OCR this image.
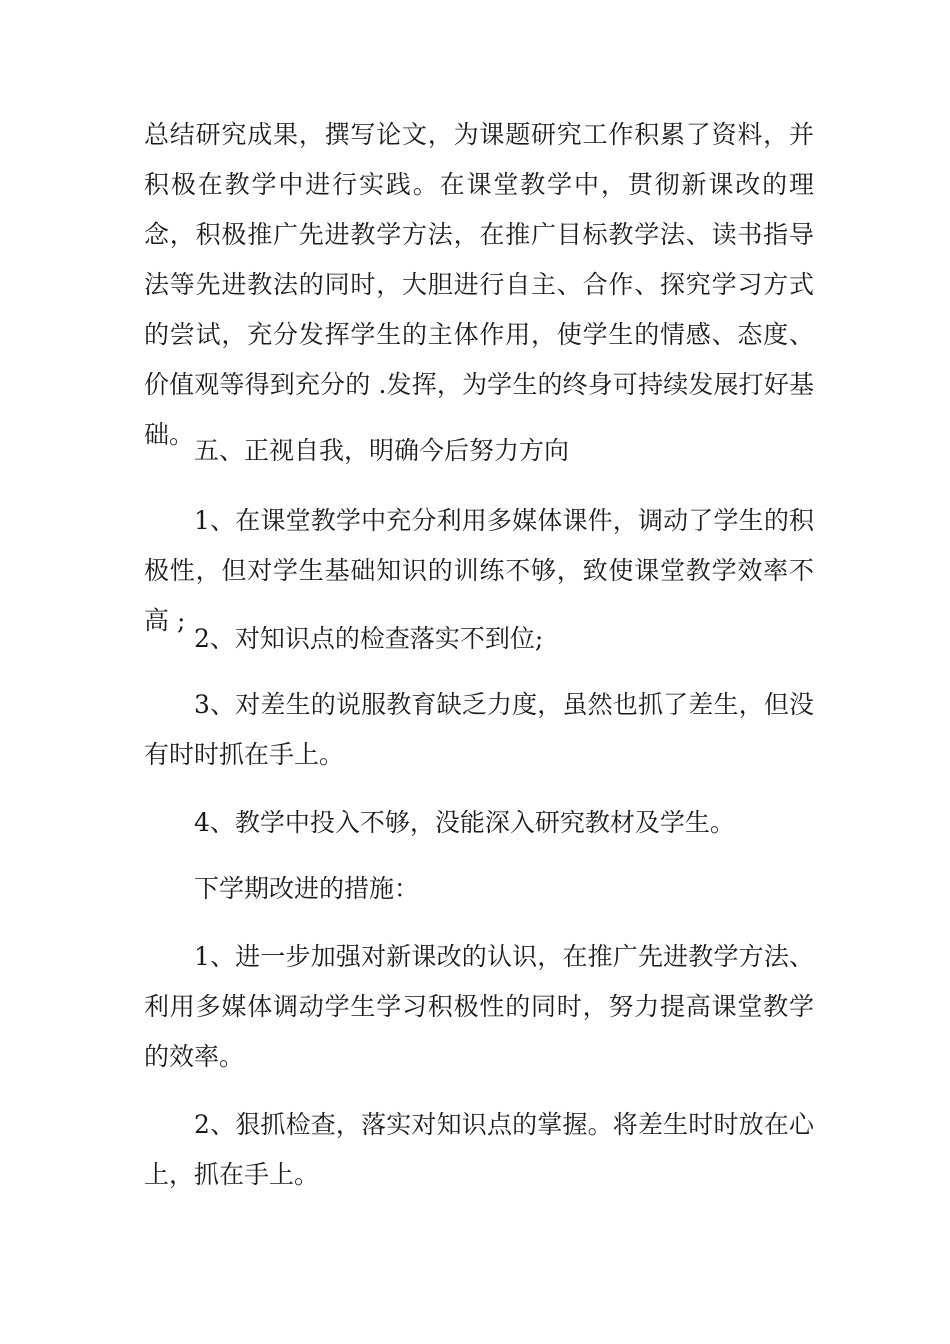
总结研究成果，撰写论文，为课题研究工作积累了资料，并积极在教学中进行实践。在课堂教学中，贯彻新课改的理念，积极推广先进教学方法，在推广目标教学法、读书指导法等先进教法的同时，大胆进行自主、合作、探究学习方式的尝试，充分发挥学生的主体作用，使学生的情感、态度、价值观等得到充分的 .发挥，为学生的终身可持续发展打好基础。

五、正视自我，明确今后努力方向

1、在课堂教学中充分利用多媒体课件，调动了学生的积极性，但对学生基础知识的训练不够，致使课堂教学效率不高 ;

2、对知识点的检查落实不到位;

3、对差生的说服教育缺乏力度，虽然也抓了差生，但没有时时抓在手上。

4、教学中投入不够，没能深入研究教材及学生。

下学期改进的措施：

1、进一步加强对新课改的认识，在推广先进教学方法、利用多媒体调动学生学习积极性的同时，努力提高课堂教学的效率。

2、狠抓检查，落实对知识点的掌握。将差生时时放在心上，抓在手上。
